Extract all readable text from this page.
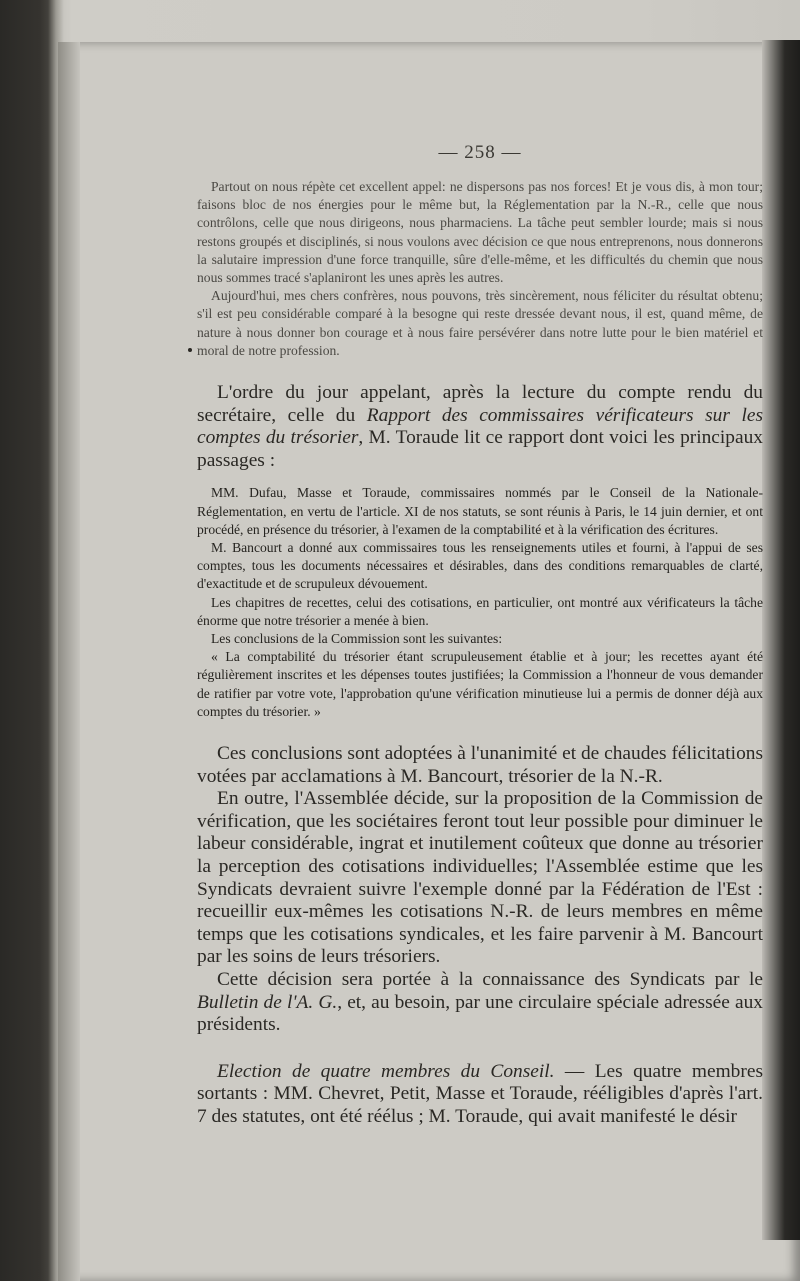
— 258 —

Partout on nous répète cet excellent appel: ne dispersons pas nos forces! Et je vous dis, à mon tour; faisons bloc de nos énergies pour le même but, la Réglementation par la N.-R., celle que nous contrôlons, celle que nous dirigeons, nous pharmaciens. La tâche peut sembler lourde; mais si nous restons groupés et disciplinés, si nous voulons avec décision ce que nous entreprenons, nous donnerons la salutaire impression d'une force tranquille, sûre d'elle-même, et les difficultés du chemin que nous nous sommes tracé s'aplaniront les unes après les autres.

Aujourd'hui, mes chers confrères, nous pouvons, très sincèrement, nous féliciter du résultat obtenu; s'il est peu considérable comparé à la besogne qui reste dressée devant nous, il est, quand même, de nature à nous donner bon courage et à nous faire persévérer dans notre lutte pour le bien matériel et moral de notre profession.

L'ordre du jour appelant, après la lecture du compte rendu du secrétaire, celle du Rapport des commissaires vérificateurs sur les comptes du trésorier, M. Toraude lit ce rapport dont voici les principaux passages :

MM. Dufau, Masse et Toraude, commissaires nommés par le Conseil de la Nationale-Réglementation, en vertu de l'article. XI de nos statuts, se sont réunis à Paris, le 14 juin dernier, et ont procédé, en présence du trésorier, à l'examen de la comptabilité et à la vérification des écritures.

M. Bancourt a donné aux commissaires tous les renseignements utiles et fourni, à l'appui de ses comptes, tous les documents nécessaires et désirables, dans des conditions remarquables de clarté, d'exactitude et de scrupuleux dévouement.

Les chapitres de recettes, celui des cotisations, en particulier, ont montré aux vérificateurs la tâche énorme que notre trésorier a menée à bien.

Les conclusions de la Commission sont les suivantes:

« La comptabilité du trésorier étant scrupuleusement établie et à jour; les recettes ayant été régulièrement inscrites et les dépenses toutes justifiées; la Commission a l'honneur de vous demander de ratifier par votre vote, l'approbation qu'une vérification minutieuse lui a permis de donner déjà aux comptes du trésorier. »

Ces conclusions sont adoptées à l'unanimité et de chaudes félicitations votées par acclamations à M. Bancourt, trésorier de la N.-R.

En outre, l'Assemblée décide, sur la proposition de la Commission de vérification, que les sociétaires feront tout leur possible pour diminuer le labeur considérable, ingrat et inutilement coûteux que donne au trésorier la perception des cotisations individuelles; l'Assemblée estime que les Syndicats devraient suivre l'exemple donné par la Fédération de l'Est : recueillir eux-mêmes les cotisations N.-R. de leurs membres en même temps que les cotisations syndicales, et les faire parvenir à M. Bancourt par les soins de leurs trésoriers.

Cette décision sera portée à la connaissance des Syndicats par le Bulletin de l'A. G., et, au besoin, par une circulaire spéciale adressée aux présidents.

Election de quatre membres du Conseil. — Les quatre membres sortants : MM. Chevret, Petit, Masse et Toraude, rééligibles d'après l'art. 7 des statutes, ont été réélus ; M. Toraude, qui avait manifesté le désir
